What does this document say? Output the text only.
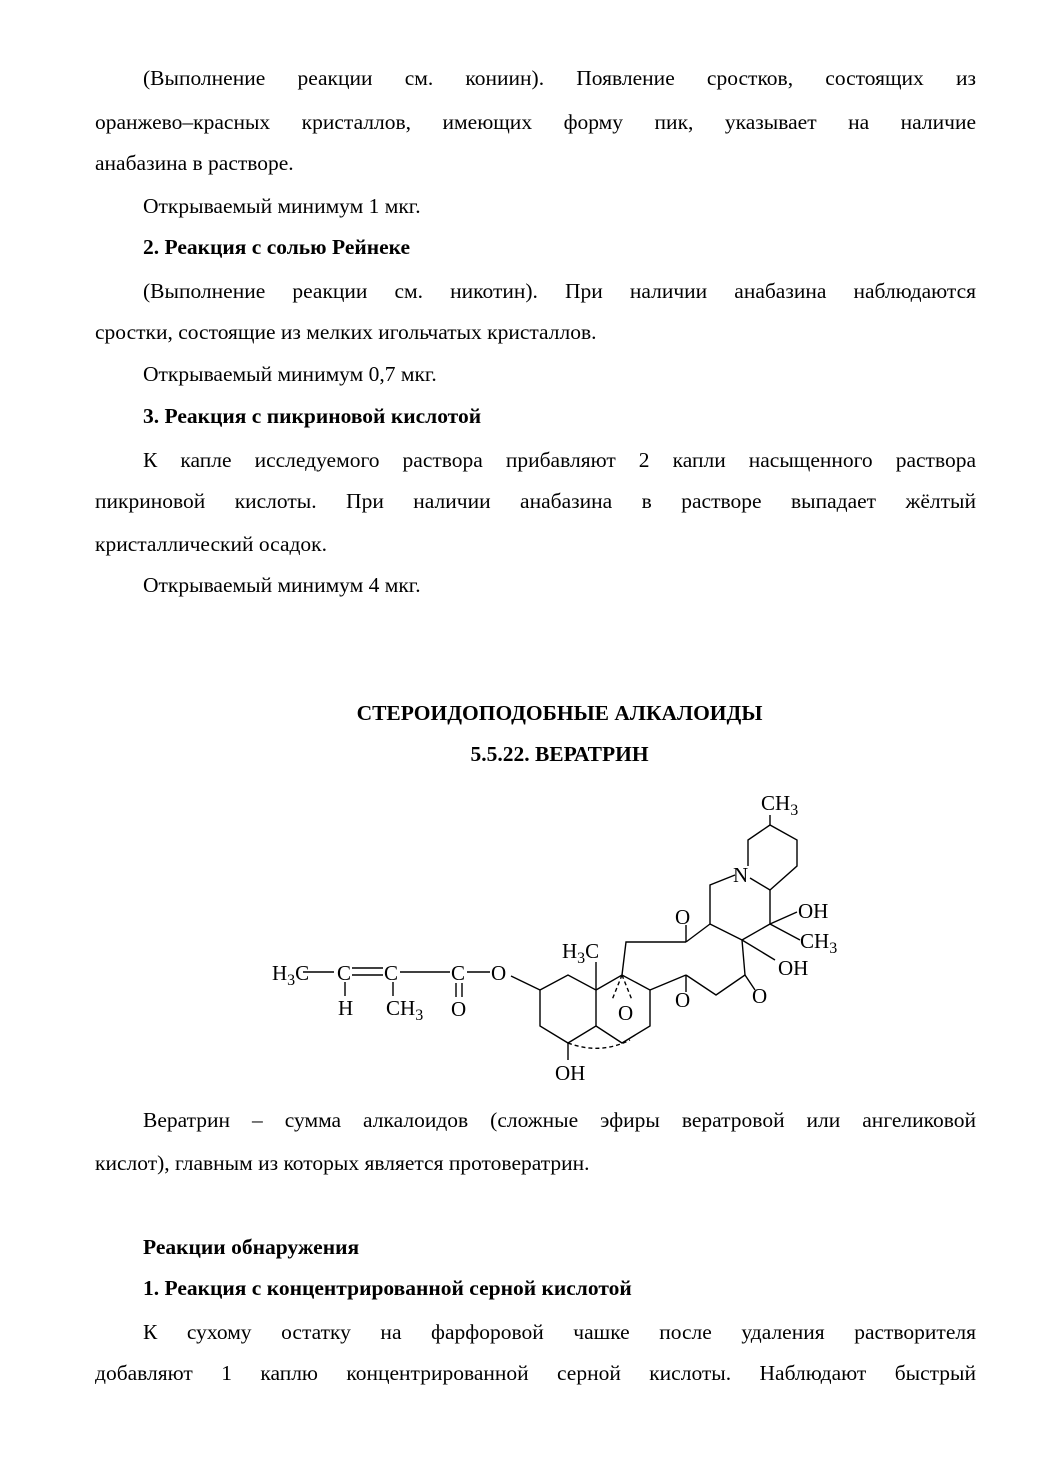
(Выполнение реакции см. кониин). Появление сростков, состоящих из
оранжево–красных кристаллов, имеющих форму пик, указывает на наличие
анабазина в растворе.
Открываемый минимум 1 мкг.
2. Реакция с солью Рейнеке
(Выполнение реакции см. никотин). При наличии анабазина наблюдаются
сростки, состоящие из мелких игольчатых кристаллов.
Открываемый минимум 0,7 мкг.
3. Реакция с пикриновой кислотой
К капле исследуемого раствора прибавляют 2 капли насыщенного раствора
пикриновой кислоты. При наличии анабазина в растворе выпадает жёлтый
кристаллический осадок.
Открываемый минимум 4 мкг.
СТЕРОИДОПОДОБНЫЕ АЛКАЛОИДЫ
5.5.22. ВЕРАТРИН
$H_3C$ C C
H $CH_3$
C
O
O
OH
$H_3C$
O
O
O
O
N
OH
OH
$CH_3$
$CH_3$
Вератрин – сумма алкалоидов (сложные эфиры вератровой или ангеликовой
кислот), главным из которых является протовератрин.
Реакции обнаружения
1. Реакция с концентрированной серной кислотой
К сухому остатку на фарфоровой чашке после удаления растворителя
добавляют 1 каплю концентрированной серной кислоты. Наблюдают быстрый
